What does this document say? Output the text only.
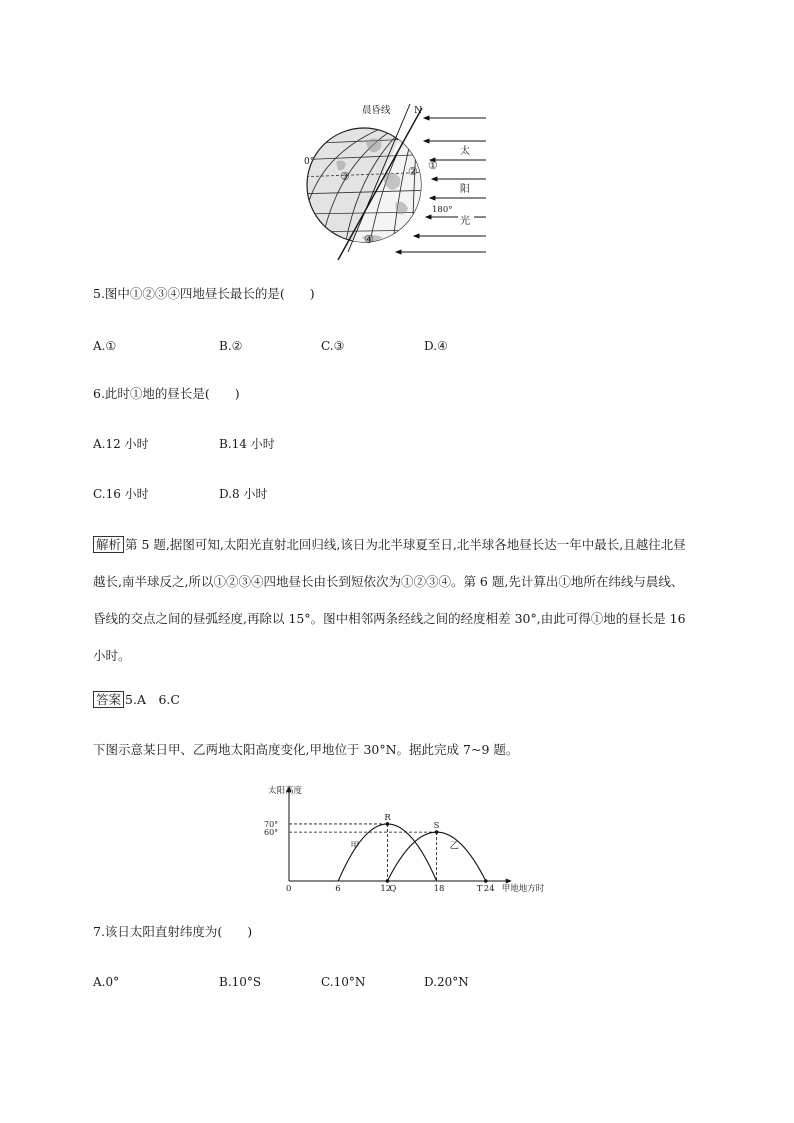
晨昏线 N
0°
180°
太
阳
光
①
②
③
④
5.图中①②③④四地昼长最长的是(　　)
A.①	B.②	C.③	D.④
6.此时①地的昼长是(　　)
A.12 小时	B.14 小时
C.16 小时	D.8 小时
解析 第 5 题,据图可知,太阳光直射北回归线,该日为北半球夏至日,北半球各地昼长达一年中最长,且越往北昼越长,南半球反之,所以①②③④四地昼长由长到短依次为①②③④。第 6 题,先计算出①地所在纬线与晨线、昏线的交点之间的昼弧经度,再除以 15°。图中相邻两条经线之间的经度相差 30°,由此可得①地的昼长是 16 小时。
答案 5.A　6.C
下图示意某日甲、乙两地太阳高度变化,甲地位于 30°N。据此完成 7~9 题。
太阳高度
甲地地方时
0	6	12	18	24
60°
70°
甲	乙
R
S
Q	T
7.该日太阳直射纬度为(　　)
A.0°	B.10°S	C.10°N	D.20°N
